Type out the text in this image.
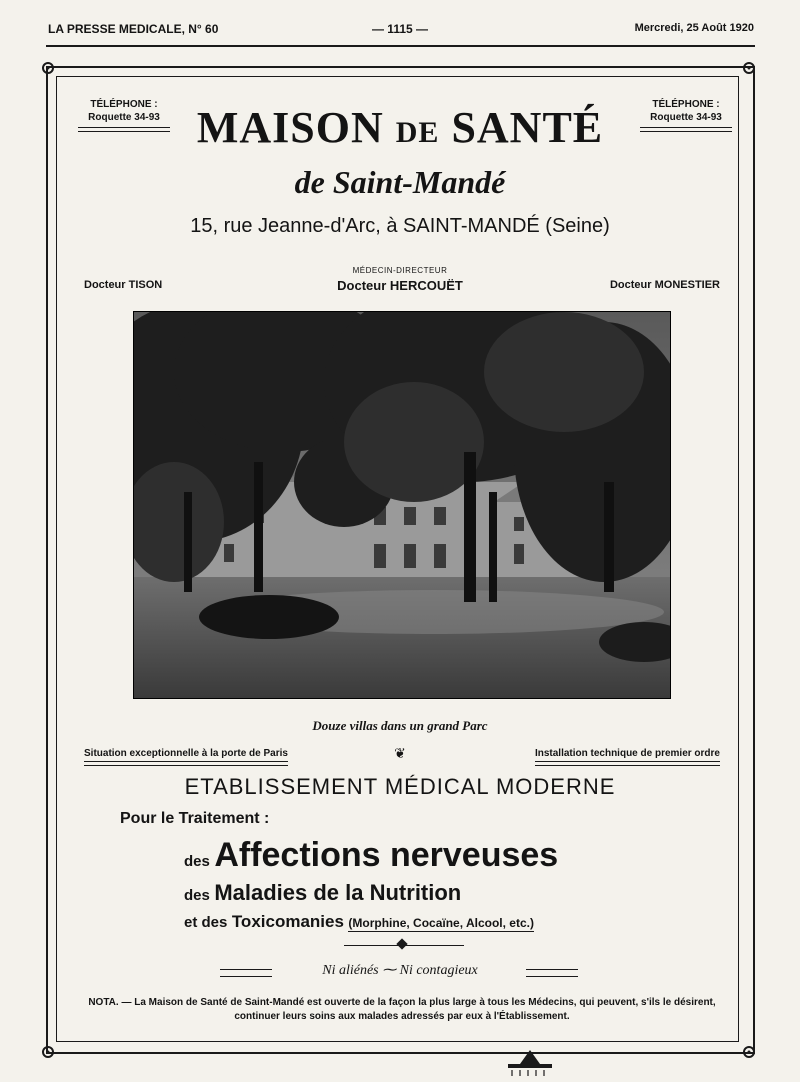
LA PRESSE MEDICALE, N° 60	— 1115 —	Mercredi, 25 Août 1920
TÉLÉPHONE :
Roquette 34-93
TÉLÉPHONE :
Roquette 34-93
MAISON DE SANTÉ
de Saint-Mandé
15, rue Jeanne-d'Arc, à SAINT-MANDÉ (Seine)
MÉDECIN-DIRECTEUR
Docteur HERCOUËT
Docteur TISON	Docteur MONESTIER
Douze villas dans un grand Parc
Situation exceptionnelle à la porte de Paris	❦	Installation technique de premier ordre
ETABLISSEMENT MÉDICAL MODERNE
Pour le Traitement :
des Affections nerveuses
des Maladies de la Nutrition
et des Toxicomanies (Morphine, Cocaïne, Alcool, etc.)
Ni aliénés ⁓ Ni contagieux
NOTA. — La Maison de Santé de Saint-Mandé est ouverte de la façon la plus large à tous les Médecins, qui peuvent, s'ils le désirent, continuer leurs soins aux malades adressés par eux à l'Établissement.
